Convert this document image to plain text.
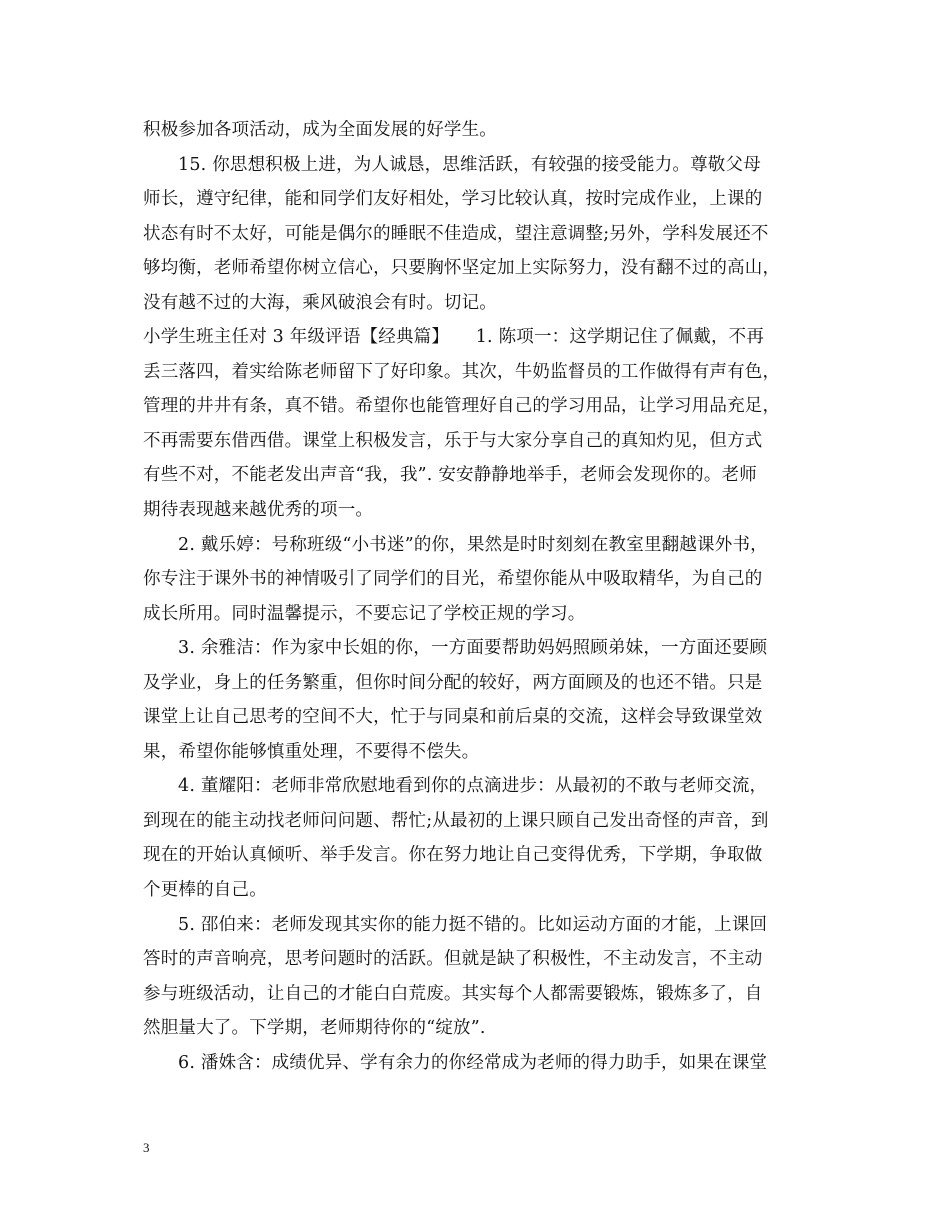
积极参加各项活动，成为全面发展的好学生。
15. 你思想积极上进，为人诚恳，思维活跃，有较强的接受能力。尊敬父母
师长，遵守纪律，能和同学们友好相处，学习比较认真，按时完成作业，上课的
状态有时不太好，可能是偶尔的睡眠不佳造成，望注意调整;另外，学科发展还不
够均衡，老师希望你树立信心，只要胸怀坚定加上实际努力，没有翻不过的高山，
没有越不过的大海，乘风破浪会有时。切记。
小学生班主任对 3 年级评语【经典篇】　　1. 陈项一：这学期记住了佩戴，不再
丢三落四，着实给陈老师留下了好印象。其次，牛奶监督员的工作做得有声有色，
管理的井井有条，真不错。希望你也能管理好自己的学习用品，让学习用品充足，
不再需要东借西借。课堂上积极发言，乐于与大家分享自己的真知灼见，但方式
有些不对，不能老发出声音“我，我”. 安安静静地举手，老师会发现你的。老师
期待表现越来越优秀的项一。
2. 戴乐婷：号称班级“小书迷”的你，果然是时时刻刻在教室里翻越课外书，
你专注于课外书的神情吸引了同学们的目光，希望你能从中吸取精华，为自己的
成长所用。同时温馨提示，不要忘记了学校正规的学习。
3. 余雅洁：作为家中长姐的你，一方面要帮助妈妈照顾弟妹，一方面还要顾
及学业，身上的任务繁重，但你时间分配的较好，两方面顾及的也还不错。只是
课堂上让自己思考的空间不大，忙于与同桌和前后桌的交流，这样会导致课堂效
果，希望你能够慎重处理，不要得不偿失。
4. 董耀阳：老师非常欣慰地看到你的点滴进步：从最初的不敢与老师交流，
到现在的能主动找老师问问题、帮忙;从最初的上课只顾自己发出奇怪的声音，到
现在的开始认真倾听、举手发言。你在努力地让自己变得优秀，下学期，争取做
个更棒的自己。
5. 邵伯来：老师发现其实你的能力挺不错的。比如运动方面的才能，上课回
答时的声音响亮，思考问题时的活跃。但就是缺了积极性，不主动发言，不主动
参与班级活动，让自己的才能白白荒废。其实每个人都需要锻炼，锻炼多了，自
然胆量大了。下学期，老师期待你的“绽放”.
6. 潘姝含：成绩优异、学有余力的你经常成为老师的得力助手，如果在课堂
3
